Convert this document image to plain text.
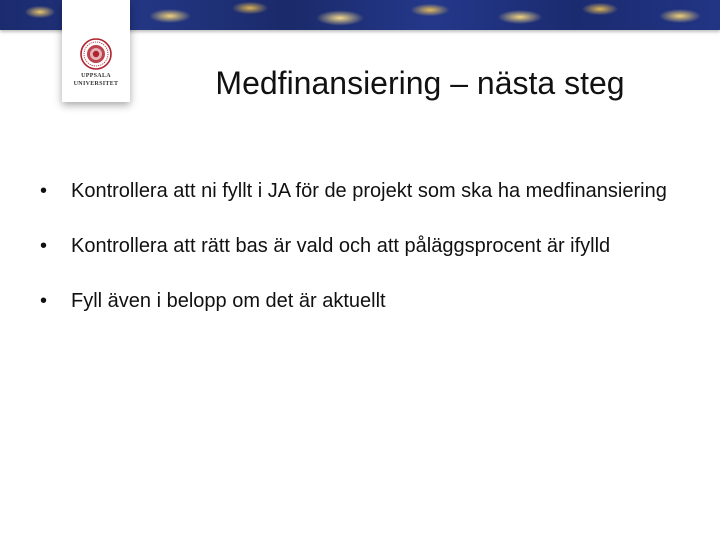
UPPSALA
UNIVERSITET	Medfinansiering – nästa steg
• Kontrollera att ni fyllt i JA för de projekt som ska ha medfinansiering
• Kontrollera att rätt bas är vald och att påläggsprocent är ifylld
• Fyll även i belopp om det är aktuellt
